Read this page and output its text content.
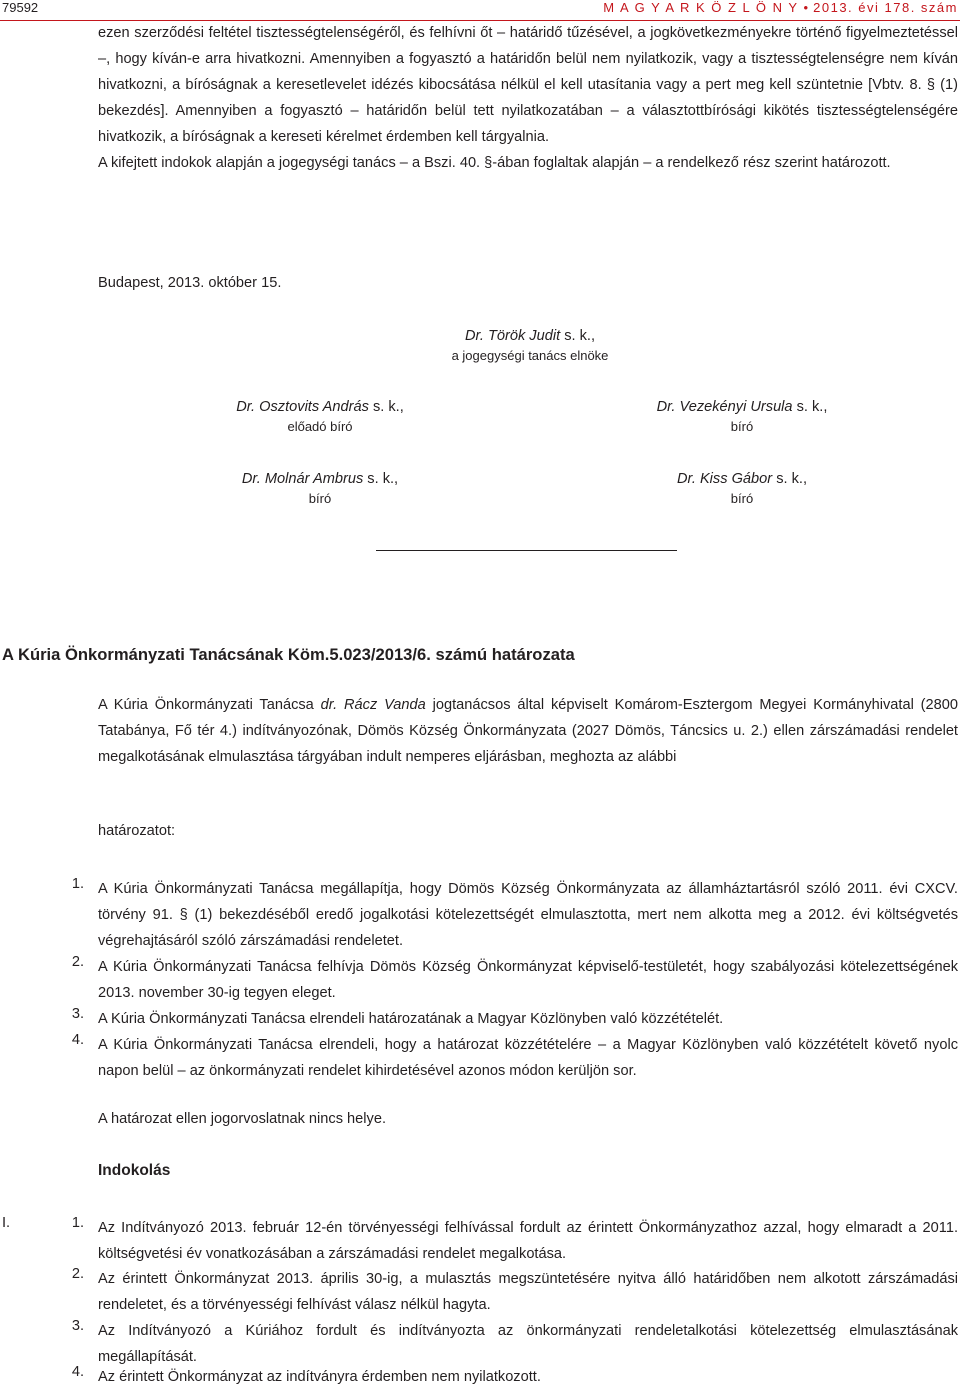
79592	M A G Y A R K Ö Z L Ö N Y • 2013. évi 178. szám

ezen szerződési feltétel tisztességtelenségéről, és felhívni őt – határidő tűzésével, a jogkövetkezményekre történő figyelmeztetéssel –, hogy kíván-e arra hivatkozni. Amennyiben a fogyasztó a határidőn belül nem nyilatkozik, vagy a tisztességtelenségre nem kíván hivatkozni, a bíróságnak a keresetlevelet idézés kibocsátása nélkül el kell utasítania vagy a pert meg kell szüntetnie [Vbtv. 8. § (1) bekezdés]. Amennyiben a fogyasztó – határidőn belül tett nyilatkozatában – a választottbírósági kikötés tisztességtelenségére hivatkozik, a bíróságnak a kereseti kérelmet érdemben kell tárgyalnia.

A kifejtett indokok alapján a jogegységi tanács – a Bszi. 40. §-ában foglaltak alapján – a rendelkező rész szerint határozott.

Budapest, 2013. október 15.
Dr. Török Judit s. k.,
a jogegységi tanács elnöke
Dr. Osztovits András s. k.,
előadó bíró
Dr. Vezekényi Ursula s. k.,
bíró
Dr. Molnár Ambrus s. k.,
bíró
Dr. Kiss Gábor s. k.,
bíró
A Kúria Önkormányzati Tanácsának Köm.5.023/2013/6. számú határozata

A Kúria Önkormányzati Tanácsa dr. Rácz Vanda jogtanácsos által képviselt Komárom-Esztergom Megyei Kormányhivatal (2800 Tatabánya, Fő tér 4.) indítványozónak, Dömös Község Önkormányzata (2027 Dömös, Táncsics u. 2.) ellen zárszámadási rendelet megalkotásának elmulasztása tárgyában indult nemperes eljárásban, meghozta az alábbi

határozatot:
1. A Kúria Önkormányzati Tanácsa megállapítja, hogy Dömös Község Önkormányzata az államháztartásról szóló 2011. évi CXCV. törvény 91. § (1) bekezdéséből eredő jogalkotási kötelezettségét elmulasztotta, mert nem alkotta meg a 2012. évi költségvetés végrehajtásáról szóló zárszámadási rendeletet.
2. A Kúria Önkormányzati Tanácsa felhívja Dömös Község Önkormányzat képviselő-testületét, hogy szabályozási kötelezettségének 2013. november 30-ig tegyen eleget.
3. A Kúria Önkormányzati Tanácsa elrendeli határozatának a Magyar Közlönyben való közzétételét.
4. A Kúria Önkormányzati Tanácsa elrendeli, hogy a határozat közzétételére – a Magyar Közlönyben való közzétételt követő nyolc napon belül – az önkormányzati rendelet kihirdetésével azonos módon kerüljön sor.
A határozat ellen jogorvoslatnak nincs helye.
Indokolás
I.	1. Az Indítványozó 2013. február 12-én törvényességi felhívással fordult az érintett Önkormányzathoz azzal, hogy elmaradt a 2011. költségvetési év vonatkozásában a zárszámadási rendelet megalkotása.
2. Az érintett Önkormányzat 2013. április 30-ig, a mulasztás megszüntetésére nyitva álló határidőben nem alkotott zárszámadási rendeletet, és a törvényességi felhívást válasz nélkül hagyta.
3. Az Indítványozó a Kúriához fordult és indítványozta az önkormányzati rendeletalkotási kötelezettség elmulasztásának megállapítását.
4. Az érintett Önkormányzat az indítványra érdemben nem nyilatkozott.
